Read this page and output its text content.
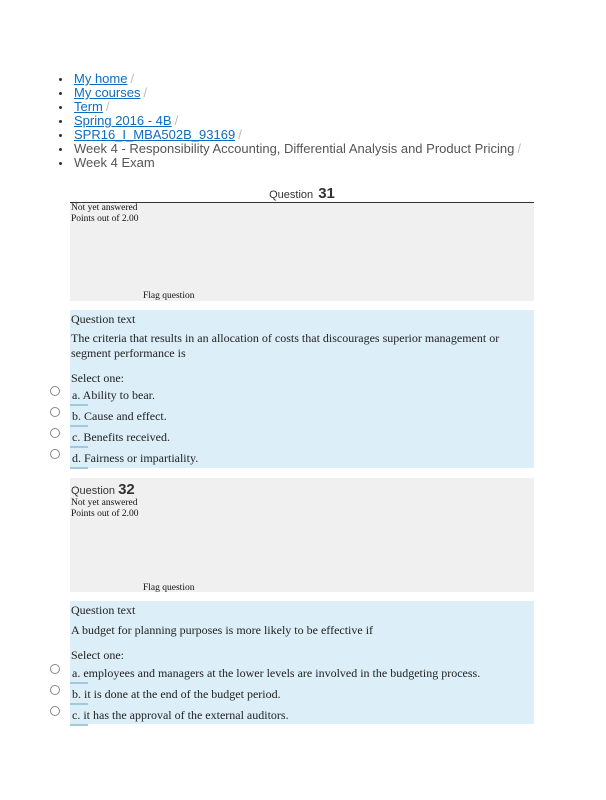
My home /
My courses /
Term /
Spring 2016 - 4B /
SPR16_I_MBA502B_93169 /
Week 4 - Responsibility Accounting, Differential Analysis and Product Pricing /
Week 4 Exam
Question 31
Not yet answered
Points out of 2.00
Flag question
Question text
The criteria that results in an allocation of costs that discourages superior management or segment performance is
Select one:
a. Ability to bear.
b. Cause and effect.
c. Benefits received.
d. Fairness or impartiality.
Question 32
Not yet answered
Points out of 2.00
Flag question
Question text
A budget for planning purposes is more likely to be effective if
Select one:
a. employees and managers at the lower levels are involved in the budgeting process.
b. it is done at the end of the budget period.
c. it has the approval of the external auditors.
